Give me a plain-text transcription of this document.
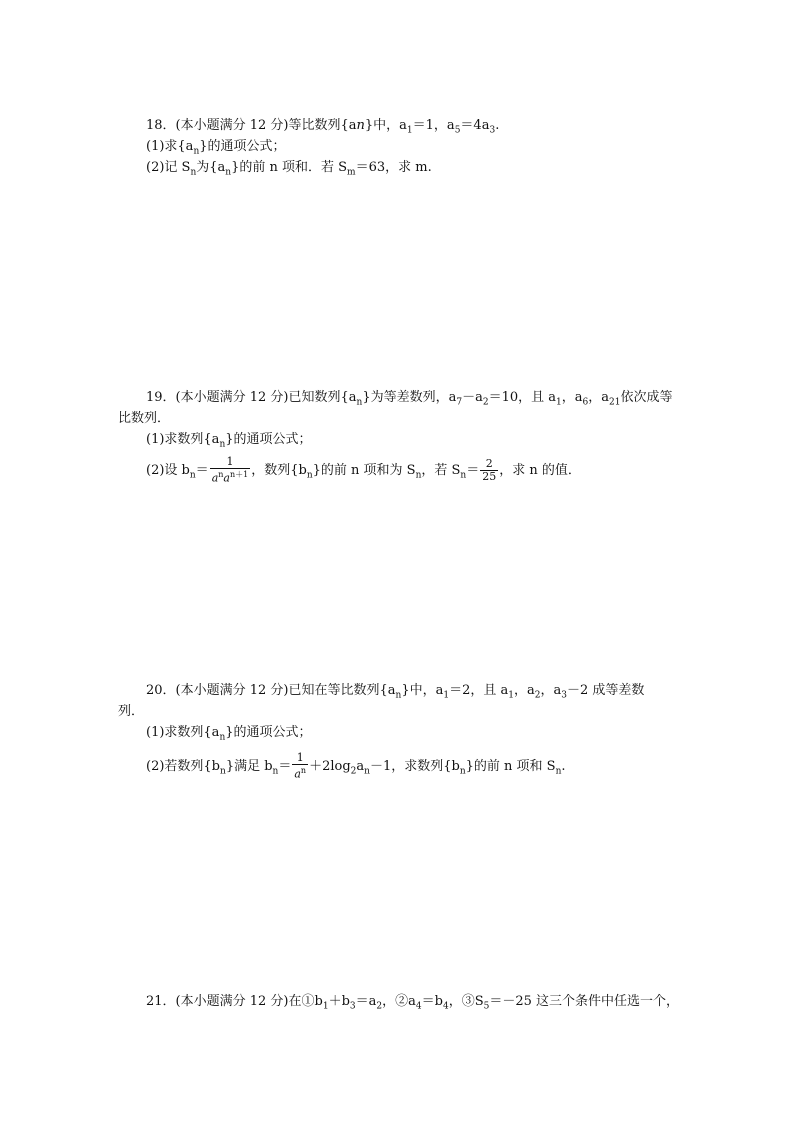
18．(本小题满分 12 分)等比数列{an}中，$a_1=1$，$a_5=4a_3$.
(1)求$\{a_n\}$的通项公式；
(2)记 $S_n$为$\{a_n\}$的前 n 项和．若 $S_m=63$，求 m.
19．(本小题满分 12 分)已知数列$\{a_n\}$为等差数列，$a_7-a_2=10$，且 $a_1$，$a_6$，$a_{21}$依次成等
比数列．
(1)求数列$\{a_n\}$的通项公式；
(2)设 $b_n= \frac{1}{a^na^{n+1}}$ ，数列$\{b_n\}$的前 n 项和为 $S_n$，若 $S_n= \frac{2}{25}$ ，求 n 的值．
20．(本小题满分 12 分)已知在等比数列$\{a_n\}$中，$a_1=2$，且 $a_1$，$a_2$，$a_3-2$ 成等差数
列．
(1)求数列$\{a_n\}$的通项公式；
(2)若数列$\{b_n\}$满足 $b_n= \frac{1}{a^n} +2\log_2a_n-1$，求数列$\{b_n\}$的前 n 项和 $S_n$.
21．(本小题满分 12 分)在$①b_1+b_3=a_2$，$②a_4=b_4$，$③S_5=-25$ 这三个条件中任选一个，
